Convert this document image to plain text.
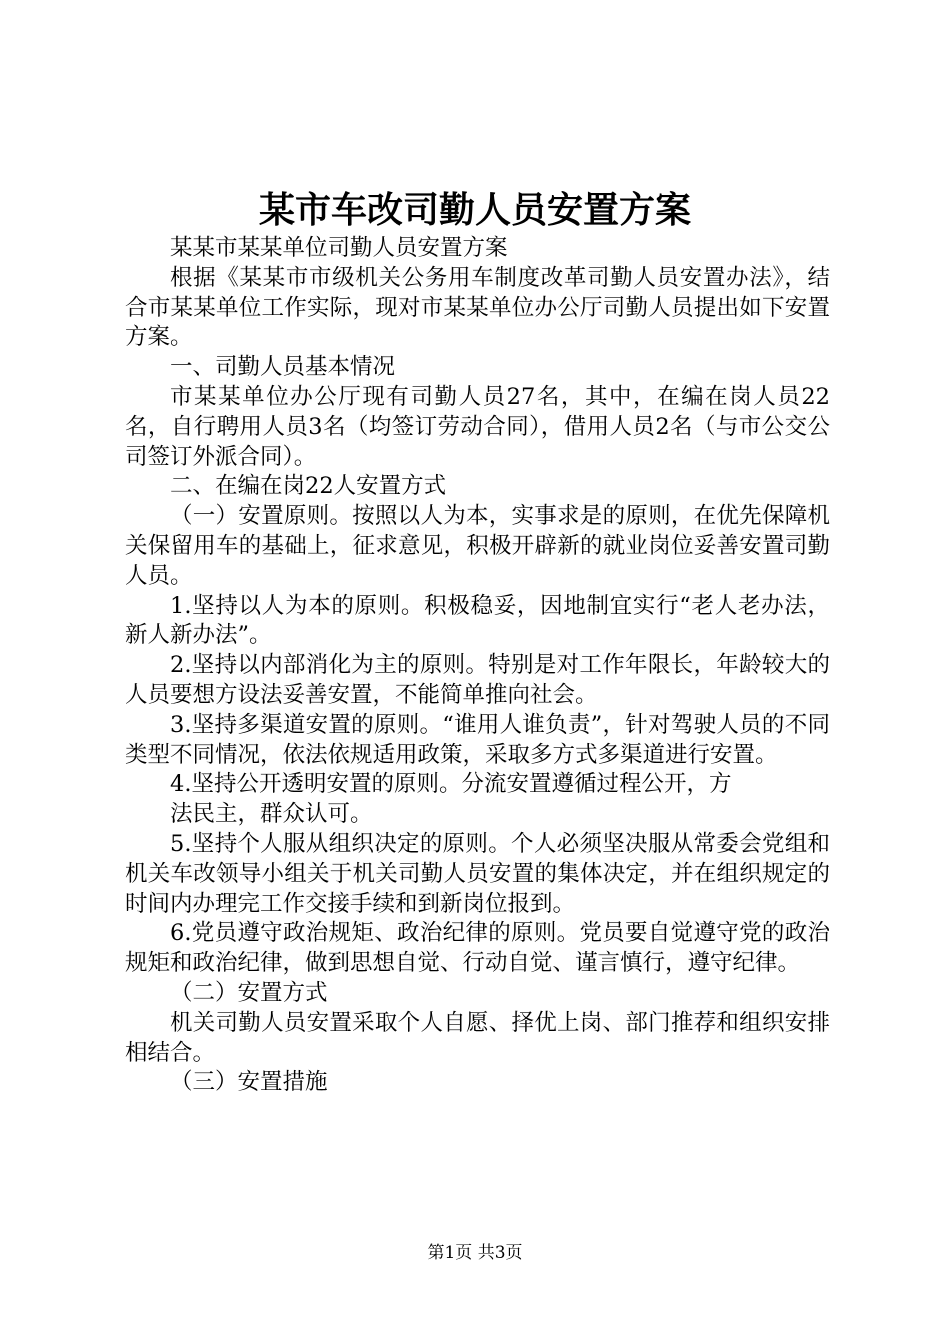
某市车改司勤人员安置方案

某某市某某单位司勤人员安置方案

根据《某某市市级机关公务用车制度改革司勤人员安置办法》，结合市某某单位工作实际，现对市某某单位办公厅司勤人员提出如下安置方案。

一、司勤人员基本情况

市某某单位办公厅现有司勤人员27名，其中，在编在岗人员22名，自行聘用人员3名（均签订劳动合同），借用人员2名（与市公交公司签订外派合同）。

二、在编在岗22人安置方式

（一）安置原则。按照以人为本，实事求是的原则，在优先保障机关保留用车的基础上，征求意见，积极开辟新的就业岗位妥善安置司勤人员。

1.坚持以人为本的原则。积极稳妥，因地制宜实行“老人老办法，新人新办法”。

2.坚持以内部消化为主的原则。特别是对工作年限长，年龄较大的人员要想方设法妥善安置，不能简单推向社会。

3.坚持多渠道安置的原则。“谁用人谁负责”，针对驾驶人员的不同类型不同情况，依法依规适用政策，采取多方式多渠道进行安置。

4.坚持公开透明安置的原则。分流安置遵循过程公开，方

法民主，群众认可。

5.坚持个人服从组织决定的原则。个人必须坚决服从常委会党组和机关车改领导小组关于机关司勤人员安置的集体决定，并在组织规定的时间内办理完工作交接手续和到新岗位报到。

6.党员遵守政治规矩、政治纪律的原则。党员要自觉遵守党的政治规矩和政治纪律，做到思想自觉、行动自觉、谨言慎行，遵守纪律。

（二）安置方式

机关司勤人员安置采取个人自愿、择优上岗、部门推荐和组织安排相结合。

（三）安置措施

第1页 共3页
